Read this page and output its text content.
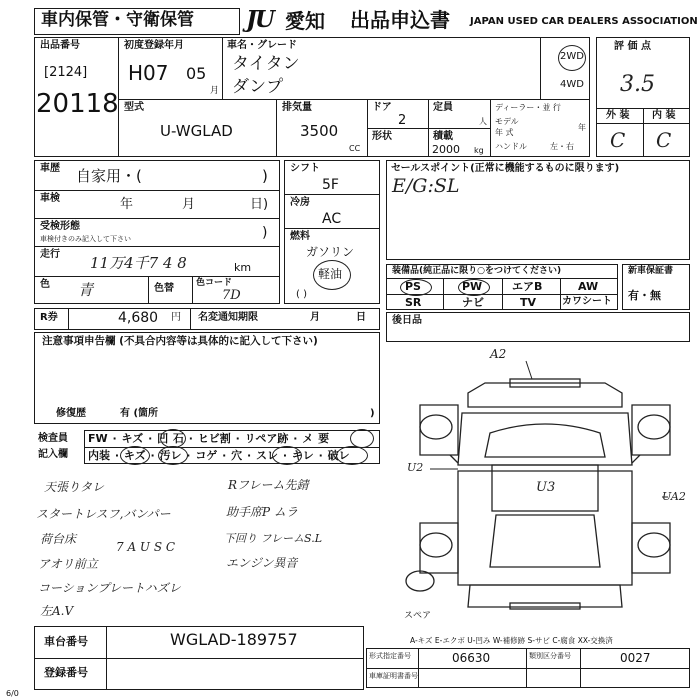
車内保管・守衛保管 JU 愛知 出品申込書 JAPAN USED CAR DEALERS ASSOCIATION
出品番号
[2124]
20118
初度登録年月
H07 05
月
車名・グレード
タイタン
ダンプ
2WD
4WD
型式
U-WGLAD
排気量
3500
CC
ドア
2
形状
定員
人
積載
2000 kg
ディーラー・並 行
モデル
年
年 式
ハンドル	左・右
評 価 点
3.5
外 装 内 装
C C
車歴 自家用・(	)
車検	年	月	日)
受検形態
車検付きのみ記入して下さい	)
走行 11万4千7 4 8	km
色 青	色替 色コード
7D
シフト
5F
冷房
AC
燃料
ガソリン
軽油
( )
セールスポイント(正常に機能するものに限ります)
E/G:SL
装備品(純正品に限り○をつけてください)
PS	PW	エアB	AW
SR	ナビ	TV	カワシート
新車保証書
有・無
R券	4,680 円 名変通知期限	月	日
注意事項申告欄 (不具合内容等は具体的に記入して下さい)
修復歴	有 (箇所	)
後日品
検査員
記入欄
FW · キズ · 凹 石 · ヒビ割 · リペア跡 · メ 要
内装 · キズ · 汚レ · コゲ · 穴 · スレ · キレ · 破レ
天張りタレ
スタートレスフ,バンパー
荷台床
7 A U S C
アオリ前立
コーションプレートハズレ
左A.V
Rフレーム先錆
助手席P ムラ
下回り フレームS.L
エンジン異音
A2
U2
U3
UA2
スペア
A-キズ E-エクボ U-凹み W-補修跡 S-サビ C-腐食 XX-交換済
車台番号	WGLAD-189757
登録番号
形式指定番号	06630	類別区分番号	0027
車庫証明書番号
6/0
